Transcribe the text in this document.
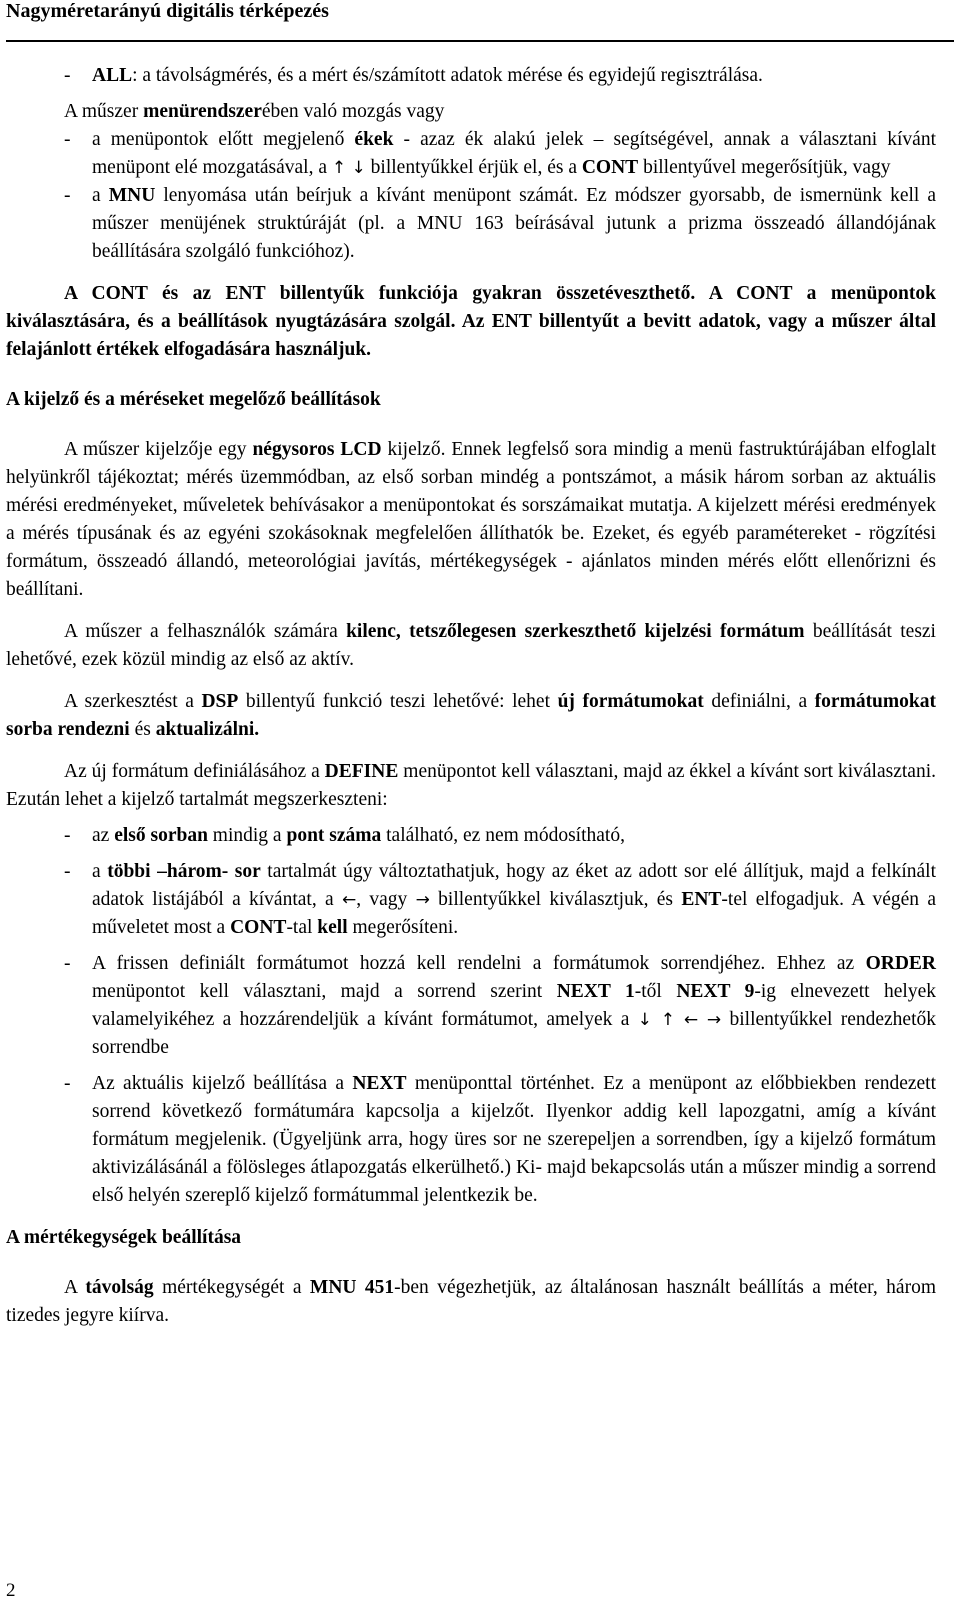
Nagyméretarányú digitális térképezés
- ALL: a távolságmérés, és a mért és/számított adatok mérése és egyidejű regisztrálása.

A műszer menürendszerében való mozgás vagy

- a menüpontok előtt megjelenő ékek - azaz ék alakú jelek – segítségével, annak a választani kívánt menüpont elé mozgatásával, a ↑ ↓ billentyűkkel érjük el, és a CONT billentyűvel megerősítjük, vagy
- a MNU lenyomása után beírjuk a kívánt menüpont számát. Ez módszer gyorsabb, de ismernünk kell a műszer menüjének struktúráját (pl. a MNU 163 beírásával jutunk a prizma összeadó állandójának beállítására szolgáló funkcióhoz).

A CONT és az ENT billentyűk funkciója gyakran összetéveszthető. A CONT a menüpontok kiválasztására, és a beállítások nyugtázására szolgál. Az ENT billentyűt a bevitt adatok, vagy a műszer által felajánlott értékek elfogadására használjuk.

A kijelző és a méréseket megelőző beállítások

A műszer kijelzője egy négysoros LCD kijelző. Ennek legfelső sora mindig a menü fastruktúrájában elfoglalt helyünkről tájékoztat; mérés üzemmódban, az első sorban mindég a pontszámot, a másik három sorban az aktuális mérési eredményeket, műveletek behívásakor a menüpontokat és sorszámaikat mutatja. A kijelzett mérési eredmények a mérés típusának és az egyéni szokásoknak megfelelően állíthatók be. Ezeket, és egyéb paramétereket - rögzítési formátum, összeadó állandó, meteorológiai javítás, mértékegységek - ajánlatos minden mérés előtt ellenőrizni és beállítani.

A műszer a felhasználók számára kilenc, tetszőlegesen szerkeszthető kijelzési formátum beállítását teszi lehetővé, ezek közül mindig az első az aktív.

A szerkesztést a DSP billentyű funkció teszi lehetővé: lehet új formátumokat definiálni, a formátumokat sorba rendezni és aktualizálni.

Az új formátum definiálásához a DEFINE menüpontot kell választani, majd az ékkel a kívánt sort kiválasztani. Ezután lehet a kijelző tartalmát megszerkeszteni:

- az első sorban mindig a pont száma található, ez nem módosítható,
- a többi –három- sor tartalmát úgy változtathatjuk, hogy az éket az adott sor elé állítjuk, majd a felkínált adatok listájából a kívántat, a ←, vagy → billentyűkkel kiválasztjuk, és ENT-tel elfogadjuk. A végén a műveletet most a CONT-tal kell megerősíteni.
- A frissen definiált formátumot hozzá kell rendelni a formátumok sorrendjéhez. Ehhez az ORDER menüpontot kell választani, majd a sorrend szerint NEXT 1-től NEXT 9-ig elnevezett helyek valamelyikéhez a hozzárendeljük a kívánt formátumot, amelyek a ↓ ↑ ← → billentyűkkel rendezhetők sorrendbe
- Az aktuális kijelző beállítása a NEXT menüponttal történhet. Ez a menüpont az előbbiekben rendezett sorrend következő formátumára kapcsolja a kijelzőt. Ilyenkor addig kell lapozgatni, amíg a kívánt formátum megjelenik. (Ügyeljünk arra, hogy üres sor ne szerepeljen a sorrendben, így a kijelző formátum aktivizálásánál a fölösleges átlapozgatás elkerülhető.) Ki- majd bekapcsolás után a műszer mindig a sorrend első helyén szereplő kijelző formátummal jelentkezik be.
A mértékegységek beállítása

A távolság mértékegységét a MNU 451-ben végezhetjük, az általánosan használt beállítás a méter, három tizedes jegyre kiírva.

2
